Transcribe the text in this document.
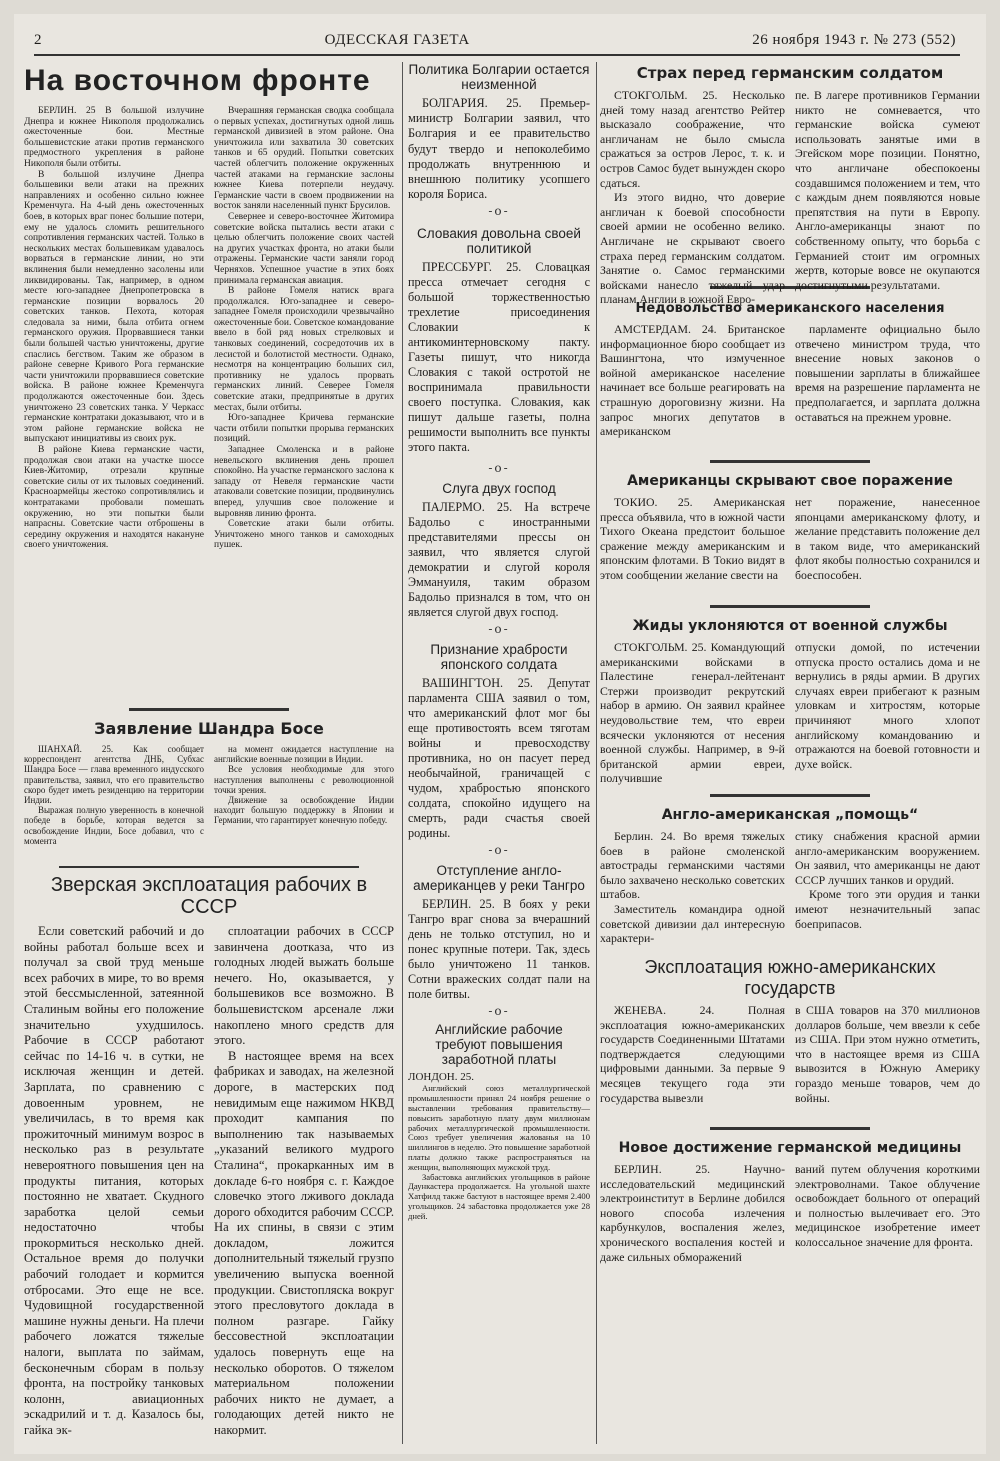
2	ОДЕССКАЯ ГАЗЕТА	26 ноября 1943 г. № 273 (552)
На восточном фронте

БЕРЛИН. 25 В большой излучине Днепра и южнее Никополя продолжались ожесточенные бои. Местные большевистские атаки против германского предмостного укрепления в районе Никополя были отбиты.

В большой излучине Днепра большевики вели атаки на прежних направлениях и особенно сильно южнее Кременчуга. На 4-ый день ожесточенных боев, в которых враг понес большие потери, ему не удалось сломить решительного сопротивления германских частей. Только в нескольких местах большевикам удавалось ворваться в германские линии, но эти вклинения были немедленно засолены или ликвидированы. Так, например, в одном месте юго-западнее Днепропетровска в германские позиции ворвалось 20 советских танков. Пехота, которая следовала за ними, была отбита огнем германского оружия. Прорвавшиеся танки были большей частью уничтожены, другие спаслись бегством. Таким же образом в районе северне Кривого Рога германские части уничтожили прорвавшиеся советские войска. В районе южнее Кременчуга продолжаются ожесточенные бои. Здесь уничтожено 23 советских танка. У Черкасс германские контратаки доказывают, что и в этом районе германские войска не выпускают инициативы из своих рук.

В районе Киева германские части, продолжая свои атаки на участке шоссе Киев-Житомир, отрезали крупные советские силы от их тыловых соединений. Красноармейцы жестоко сопротивлялись и контратаками пробовали помешать окружению, но эти попытки были напрасны. Советские части отброшены в середину окружения и находятся накануне своего уничтожения.

Вчерашняя германская сводка сообщала о первых успехах, достигнутых одной лишь германской дивизией в этом районе. Она уничтожила или захватила 30 советских танков и 65 орудий. Попытки советских частей облегчить положение окруженных частей атаками на германские заслоны южнее Киева потерпели неудачу. Германские части в своем продвижении на восток заняли населенный пункт Брусилов.

Севернее и северо-восточнее Житомира советские войска пытались вести атаки с целью облегчить положение своих частей на других участках фронта, но атаки были отражены. Германские части заняли город Черняхов. Успешное участие в этих боях принимала германская авиация.

В районе Гомеля натиск врага продолжался. Юго-западнее и северо-западнее Гомеля происходили чрезвычайно ожесточенные бои. Советское командование ввело в бой ряд новых стрелковых и танковых соединений, сосредоточив их в лесистой и болотистой местности. Однако, несмотря на концентрацию больших сил, противнику не удалось прорвать германских линий. Северее Гомеля советские атаки, предпринятые в других местах, были отбиты.

Юго-западнее Кричева германские части отбили попытки прорыва германских позиций.

Западнее Смоленска и в районе невельского вклинения день прошел спокойно. На участке германского заслона к западу от Невеля германские части атаковали советские позиции, продвинулись вперед, улучшив свое положение и выровняв линию фронта.

Советские атаки были отбиты. Уничтожено много танков и самоходных пушек.

Заявление Шандра Босе

ШАНХАЙ. 25. Как сообщает корреспондент агентства ДНБ, Субхас Шандра Босе — глава временного индусского правительства, заявил, что его правительство скоро будет иметь резиденцию на территории Индии.

Выражая полную уверенность в конечной победе в борьбе, которая ведется за освобождение Индии, Босе добавил, что с момента

на момент ожидается наступление на английские военные позиции в Индии.

Все условия необходимые для этого наступления выполнены с революционной точки зрения.

Движение за освобождение Индии находит большую поддержку в Японии и Германии, что гарантирует конечную победу.

Зверская эксплоатация рабочих в СССР

Если советский рабочий и до войны работал больше всех и получал за свой труд меньше всех рабочих в мире, то во время этой бессмысленной, затеянной Сталиным войны его положение значительно ухудшилось. Рабочие в СССР работают сейчас по 14-16 ч. в сутки, не исключая женщин и детей. Зарплата, по сравнению с довоенным уровнем, не увеличилась, в то время как прожиточный минимум возрос в несколько раз в результате невероятного повышения цен на продукты питания, которых постоянно не хватает. Скудного заработка целой семьи недостаточно чтобы прокормиться несколько дней. Остальное время до получки рабочий голодает и кормится отбросами. Это еще не все. Чудовищной государственной машине нужны деньги. На плечи рабочего ложатся тяжелые налоги, выплата по займам, бесконечным сборам в пользу фронта, на постройку танковых колонн, авиационных эскадрилий и т. д. Казалось бы, гайка эк-

сплоатации рабочих в СССР завинчена доотказа, что из голодных людей выжать больше нечего. Но, оказывается, у большевиков все возможно. В большевистском арсенале лжи накоплено много средств для этого.

В настоящее время на всех фабриках и заводах, на железной дороге, в мастерских под невидимым еще нажимом НКВД проходит кампания по выполнению так называемых „указаний великого мудрого Сталина“, прокарканных им в докладе 6-го ноября с. г. Каждое словечко этого лживого доклада дорого обходится рабочим СССР. На их спины, в связи с этим докладом, ложится дополнительный тяжелый грузпо увеличению выпуска военной продукции. Свистопляска вокруг этого пресловутого доклада в полном разгаре. Гайку бессовестной эксплоатации удалось повернуть еще на несколько оборотов. О тяжелом материальном положении рабочих никто не думает, а голодающих детей никто не накормит.

Политика Болгарии остается неизменной

БОЛГАРИЯ. 25. Премьер-министр Болгарии заявил, что Болгария и ее правительство будут твердо и непоколебимо продолжать внутреннюю и внешнюю политику усопшего короля Бориса.

-o-
Словакия довольна своей политикой

ПРЕССБУРГ. 25. Словацкая пресса отмечает сегодня с большой торжественностью трехлетие присоединения Словакии к антикоминтерновскому пакту. Газеты пишут, что никогда Словакия с такой остротой не воспринимала правильности своего поступка. Словакия, как пишут дальше газеты, полна решимости выполнить все пункты этого пакта.

-o-
Слуга двух господ

ПАЛЕРМО. 25. На встрече Бадольо с иностранными представителями прессы он заявил, что является слугой демократии и слугой короля Эммануиля, таким образом Бадольо признался в том, что он является слугой двух господ.

-o-
Признание храбрости японского солдата

ВАШИНГТОН. 25. Депутат парламента США заявил о том, что американский флот мог бы еще противостоять всем тяготам войны и превосходству противника, но он пасует перед необычайной, граничащей с чудом, храбростью японского солдата, спокойно идущего на смерть, ради счастья своей родины.

-o-
Отступление англо-американцев у реки Тангро

БЕРЛИН. 25. В боях у реки Тангро враг снова за вчерашний день не только отступил, но и понес крупные потери. Так, здесь было уничтожено 11 танков. Сотни вражеских солдат пали на поле битвы.

-o-
Английские рабочие требуют повышения заработной платы

ЛОНДОН. 25.

Английский союз металлургической промышленности принял 24 ноября решение о выставлении требования правительству—повысить заработную плату двум миллионам рабочих металлургической промышленности. Союз требует увеличения жалованья на 10 шиллингов в неделю. Это повышение заработной платы должно также распространяться на женщин, выполняющих мужской труд.

Забастовка английских угольщиков в районе Даункастера продолжается. На угольной шахте Хатфилд также бастуют в настоящее время 2.400 угольщиков. 24 забастовка продолжается уже 28 дней.

Страх перед германским солдатом

СТОКГОЛЬМ. 25. Несколько дней тому назад агентство Рейтер высказало соображение, что англичанам не было смысла сражаться за остров Лерос, т. к. и остров Самос будет вынужден скоро сдаться.

Из этого видно, что доверие англичан к боевой способности своей армии не особенно велико. Англичане не скрывают своего страха перед германским солдатом. Занятие о. Самос германскими войсками нанесло тяжелый удар планам Англии в южной Евро-

пе. В лагере противников Германии никто не сомневается, что германские войска сумеют использовать занятые ими в Эгейском море позиции. Понятно, что англичане обеспокоены создавшимся положением и тем, что с каждым днем появляются новые препятствия на пути в Европу. Англо-американцы знают по собственному опыту, что борьба с Германией стоит им огромных жертв, которые вовсе не окупаются достигнутыми результатами.

Недовольство американского населения

АМСТЕРДАМ. 24. Британское информационное бюро сообщает из Вашингтона, что измученное войной американское население начинает все больше реагировать на страшную дороговизну жизни. На запрос многих депутатов в американском

парламенте официально было отвечено министром труда, что внесение новых законов о повышении зарплаты в ближайшее время на разрешение парламента не предполагается, и зарплата должна оставаться на прежнем уровне.

Американцы скрывают свое поражение

ТОКИО. 25. Американская пресса объявила, что в южной части Тихого Океана предстоит большое сражение между американским и японским флотами. В Токио видят в этом сообщении желание свести на

нет поражение, нанесенное японцами американскому флоту, и желание представить положение дел в таком виде, что американский флот якобы полностью сохранился и боеспособен.

Жиды уклоняются от военной службы

СТОКГОЛЬМ. 25. Командующий американскими войсками в Палестине генерал-лейтенант Стержи производит рекрутский набор в армию. Он заявил крайнее неудовольствие тем, что евреи всячески уклоняются от несения военной службы. Например, в 9-й британской армии евреи, получившие

отпуски домой, по истечении отпуска просто остались дома и не вернулись в ряды армии. В других случаях евреи прибегают к разным уловкам и хитростям, которые причиняют много хлопот английскому командованию и отражаются на боевой готовности и духе войск.

Англо-американская „помощь“

Берлин. 24. Во время тяжелых боев в районе смоленской автострады германскими частями было захвачено несколько советских штабов.

Заместитель командира одной советской дивизии дал интересную характери-

стику снабжения красной армии англо-американским вооружением. Он заявил, что американцы не дают СССР лучших танков и орудий.

Кроме того эти орудия и танки имеют незначительный запас боеприпасов.

Эксплоатация южно-американских государств

ЖЕНЕВА. 24. Полная эксплоатация южно-американских государств Соединенными Штатами подтверждается следующими цифровыми данными. За первые 9 месяцев текущего года эти государства вывезли

в США товаров на 370 миллионов долларов больше, чем ввезли к себе из США. При этом нужно отметить, что в настоящее время из США вывозится в Южную Америку гораздо меньше товаров, чем до войны.

Новое достижение германской медицины

БЕРЛИН. 25. Научно-исследовательский медицинский электроинститут в Берлине добился нового способа излечения карбункулов, воспаления желез, хронического воспаления костей и даже сильных обморажений

ваний путем облучения короткими электроволнами. Такое облучение освобождает больного от операций и полностью вылечивает его. Это медицинское изобретение имеет колоссальное значение для фронта.
